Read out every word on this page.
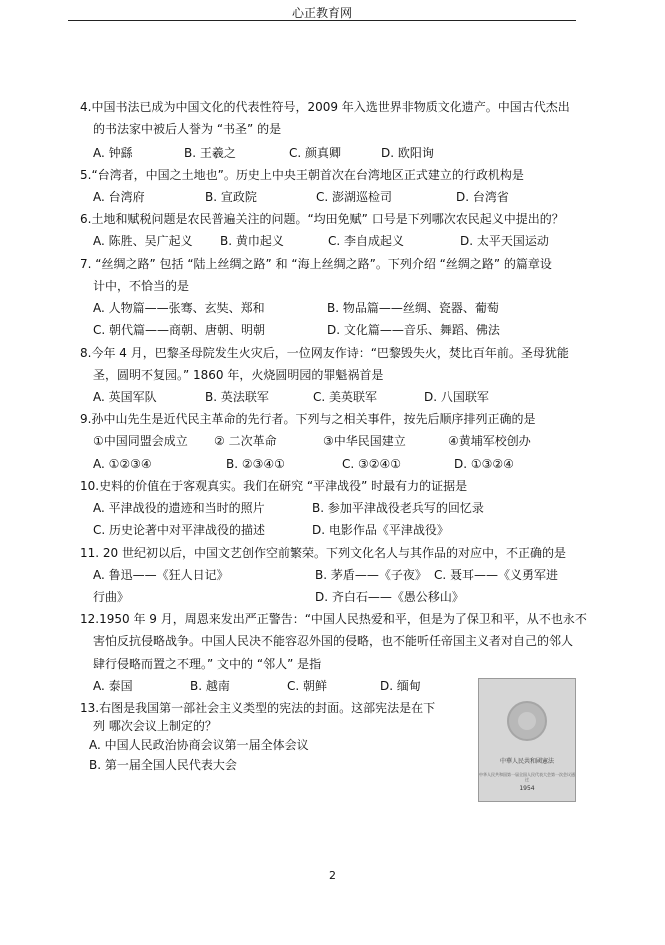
心正教育网
4.中国书法已成为中国文化的代表性符号，2009 年入选世界非物质文化遗产。中国古代杰出
的书法家中被后人誉为 “书圣” 的是
A. 钟繇	B. 王羲之	C. 颜真卿	D. 欧阳询
5.“台湾者，中国之土地也”。历史上中央王朝首次在台湾地区正式建立的行政机构是
A. 台湾府	B. 宣政院	C. 澎湖巡检司	D. 台湾省
6.土地和赋税问题是农民普遍关注的问题。“均田免赋” 口号是下列哪次农民起义中提出的？
A. 陈胜、吴广起义 B. 黄巾起义	C. 李自成起义	D. 太平天国运动
7. “丝绸之路” 包括 “陆上丝绸之路” 和 “海上丝绸之路”。下列介绍 “丝绸之路” 的篇章设
计中，不恰当的是
A. 人物篇——张骞、玄奘、郑和	B. 物品篇——丝绸、瓷器、葡萄
C. 朝代篇——商朝、唐朝、明朝	D. 文化篇——音乐、舞蹈、佛法
8.今年 4 月，巴黎圣母院发生火灾后，一位网友作诗：“巴黎毁失火，焚比百年前。圣母犹能
圣，圆明不复园。” 1860 年，火烧圆明园的罪魁祸首是
A. 英国军队	B. 英法联军	C. 美英联军	D. 八国联军
9.孙中山先生是近代民主革命的先行者。下列与之相关事件，按先后顺序排列正确的是
①中国同盟会成立 ② 二次革命	③中华民国建立	④黄埔军校创办
A. ①②③④	B. ②③④①	C. ③②④①	D. ①③②④
10.史料的价值在于客观真实。我们在研究 “平津战役” 时最有力的证据是
A. 平津战役的遗迹和当时的照片	B. 参加平津战役老兵写的回忆录
C. 历史论著中对平津战役的描述	D. 电影作品《平津战役》
11. 20 世纪初以后，中国文艺创作空前繁荣。下列文化名人与其作品的对应中，不正确的是
A. 鲁迅——《狂人日记》	B. 茅盾——《子夜》 C. 聂耳——《义勇军进
行曲》	D. 齐白石——《愚公移山》
12.1950 年 9 月，周恩来发出严正警告：“中国人民热爱和平，但是为了保卫和平，从不也永不
害怕反抗侵略战争。中国人民决不能容忍外国的侵略，也不能听任帝国主义者对自己的邻人
肆行侵略而置之不理。” 文中的 “邻人” 是指
A. 泰国	B. 越南	C. 朝鲜	D. 缅甸
13.右图是我国第一部社会主义类型的宪法的封面。这部宪法是在下
列 哪次会议上制定的？
A. 中国人民政治协商会议第一届全体会议
B. 第一届全国人民代表大会	中華人民共和國憲法
中华人民共和国第一届全国人民代表大会第一次会议通过
1954
2
